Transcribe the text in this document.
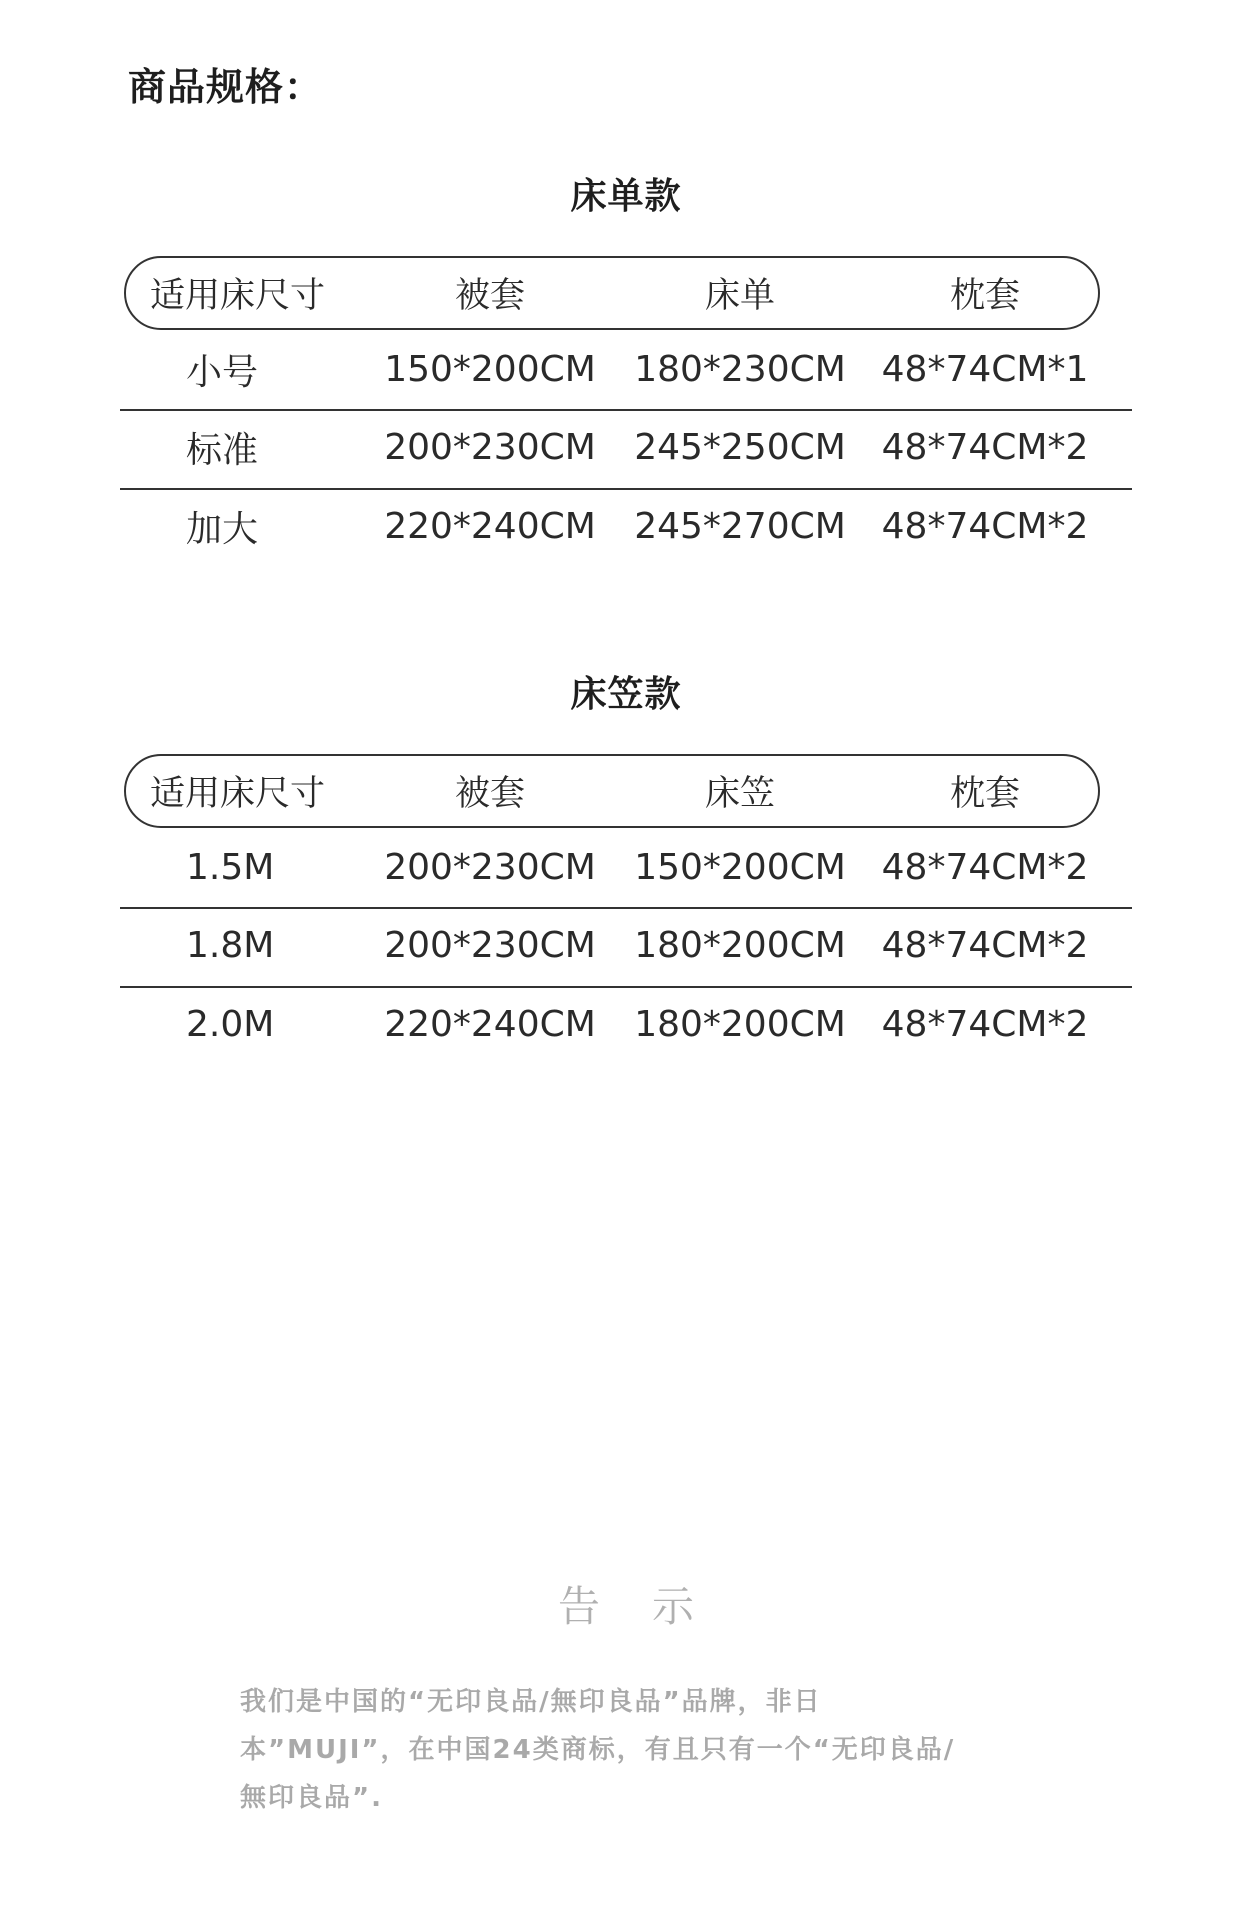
商品规格：
床单款
适用床尺寸	被套	床单	枕套
小号	150*200CM 180*230CM 48*74CM*1
标准	200*230CM 245*250CM 48*74CM*2
加大	220*240CM 245*270CM 48*74CM*2
床笠款
适用床尺寸	被套	床笠	枕套
1.5M	200*230CM 150*200CM 48*74CM*2
1.8M	200*230CM 180*200CM 48*74CM*2
2.0M	220*240CM 180*200CM 48*74CM*2
告示

我们是中国的“无印良品/無印良品”品牌，非日本”MUJI”，在中国24类商标，有且只有一个“无印良品/無印良品”.
